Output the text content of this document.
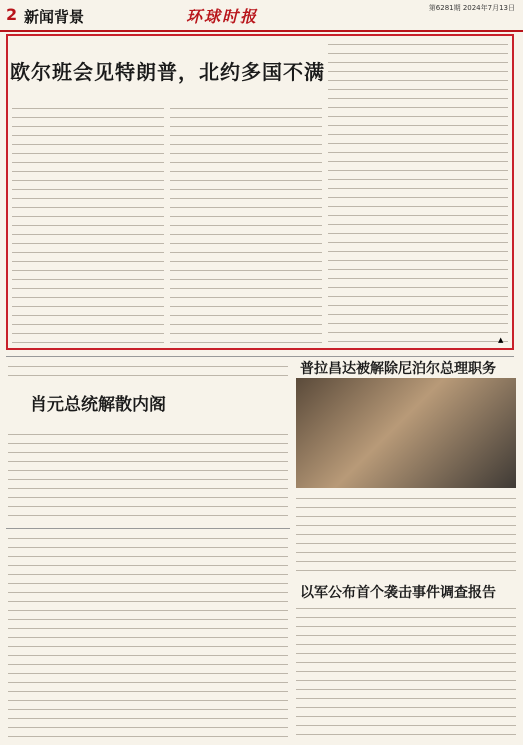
2 新闻背景	环球时报	第6281期 2024年7月13日
欧尔班会见特朗普，北约多国不满
▲
肖元总统解散内阁
普拉昌达被解除尼泊尔总理职务
以军公布首个袭击事件调查报告
